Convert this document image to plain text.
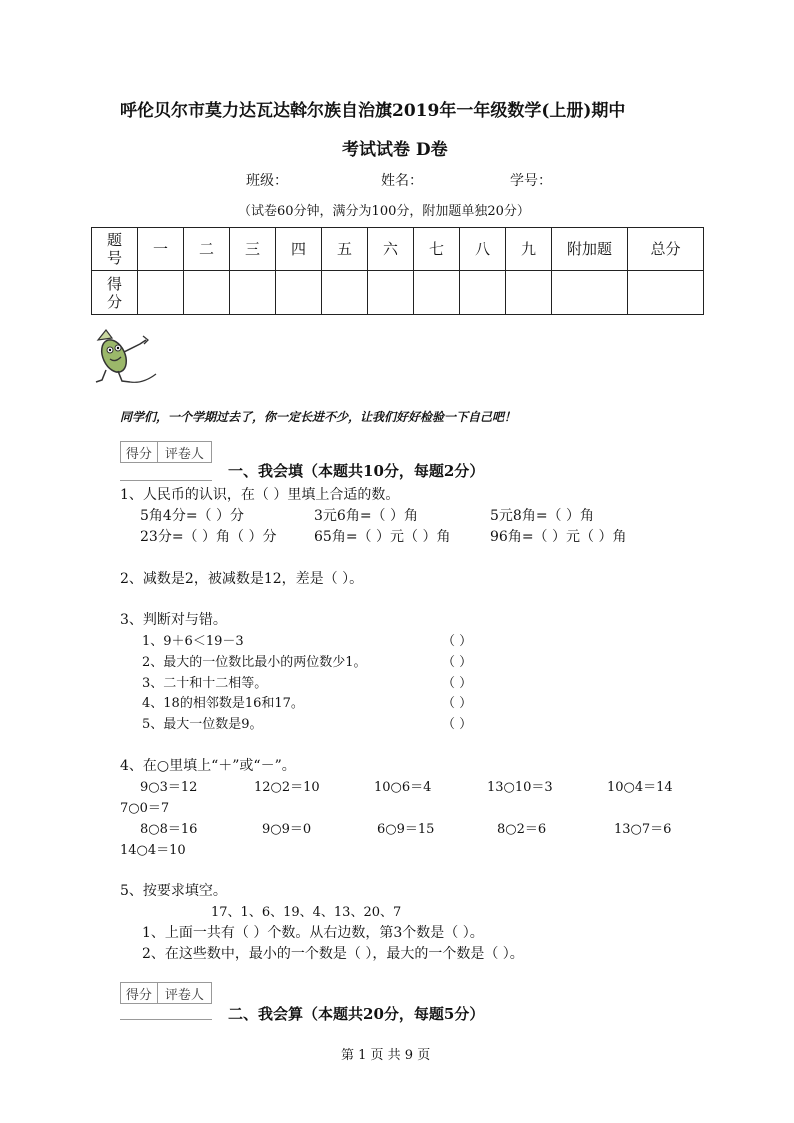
呼伦贝尔市莫力达瓦达斡尔族自治旗2019年一年级数学(上册)期中
考试试卷 D卷
班级：	姓名：	学号：
（试卷60分钟，满分为100分，附加题单独20分）
题
号	一	二	三	四	五	六	七	八	九	附加题	总分
得
分											
同学们，一个学期过去了，你一定长进不少，让我们好好检验一下自己吧！
得分	评卷人
一、我会填（本题共10分，每题2分）
1、人民币的认识，在（ ）里填上合适的数。
5角4分=（ ）分	3元6角=（ ）角	5元8角=（ ）角
23分=（ ）角（ ）分	65角=（ ）元（ ）角	96角=（ ）元（ ）角
2、减数是2，被减数是12，差是（ ）。
3、判断对与错。
1、9＋6＜19－3	（ ）
2、最大的一位数比最小的两位数少1。	（ ）
3、二十和十二相等。	（ ）
4、18的相邻数是16和17。	（ ）
5、最大一位数是9。	（ ）
4、在○里填上“＋”或“－”。
9○3＝12	12○2＝10	10○6＝4	13○10＝3	10○4＝14
7○0＝7
8○8＝16	9○9＝0	6○9＝15	8○2＝6	13○7＝6
14○4＝10
5、按要求填空。
17、1、6、19、4、13、20、7
1、上面一共有（ ）个数。从右边数，第3个数是（ ）。
2、在这些数中，最小的一个数是（ ），最大的一个数是（ ）。
得分	评卷人
二、我会算（本题共20分，每题5分）
第 1 页 共 9 页
